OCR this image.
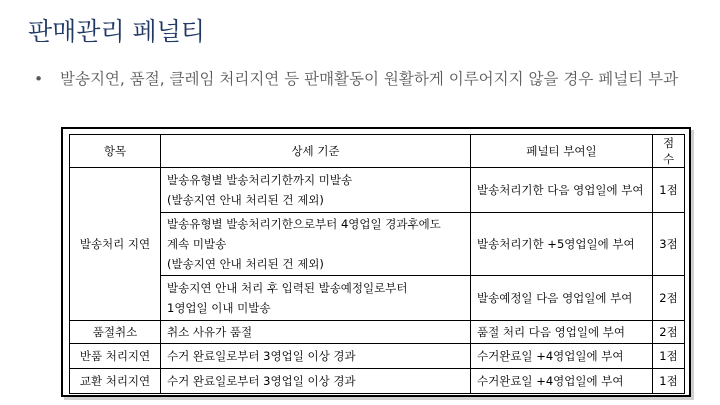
판매관리 페널티
•	발송지연, 품절, 클레임 처리지연 등 판매활동이 원활하게 이루어지지 않을 경우 페널티 부과
항목	상세 기준	페널티 부여일	점수
발송처리 지연	발송유형별 발송처리기한까지 미발송
(발송지연 안내 처리된 건 제외)	발송처리기한 다음 영업일에 부여	1점

	발송유형별 발송처리기한으로부터 4영업일 경과후에도
계속 미발송
(발송지연 안내 처리된 건 제외)	발송처리기한 +5영업일에 부여	3점

	발송지연 안내 처리 후 입력된 발송예정일로부터
1영업일 이내 미발송	발송예정일 다음 영업일에 부여	2점
품절취소	취소 사유가 품절	품절 처리 다음 영업일에 부여	2점
반품 처리지연	수거 완료일로부터 3영업일 이상 경과	수거완료일 +4영업일에 부여	1점
교환 처리지연	수거 완료일로부터 3영업일 이상 경과	수거완료일 +4영업일에 부여	1점
